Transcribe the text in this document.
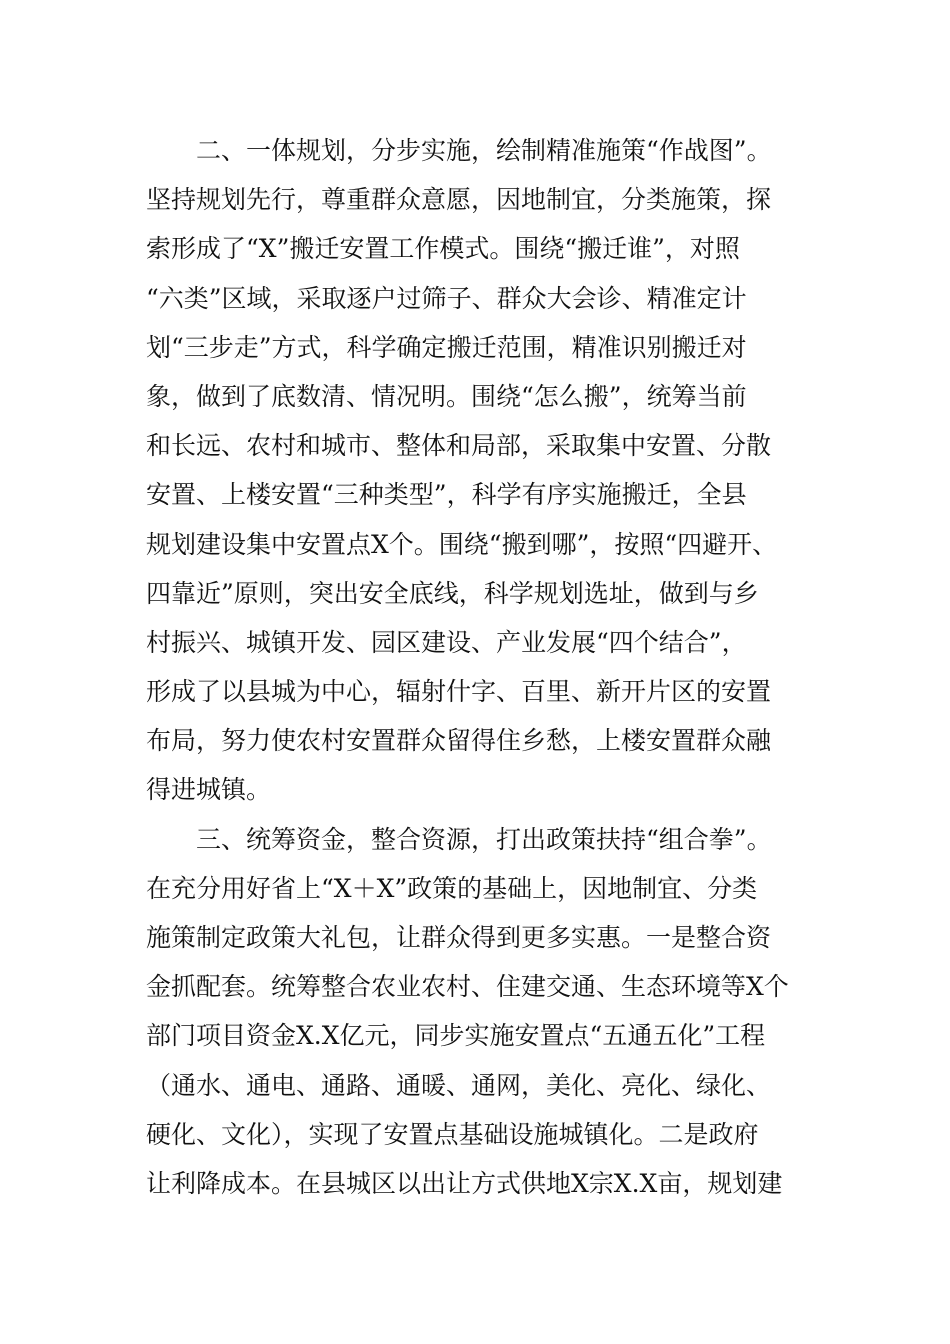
二、一体规划，分步实施，绘制精准施策“作战图”。
坚持规划先行，尊重群众意愿，因地制宜，分类施策，探
索形成了“X”搬迁安置工作模式。围绕“搬迁谁”，对照
“六类”区域，采取逐户过筛子、群众大会诊、精准定计
划“三步走”方式，科学确定搬迁范围，精准识别搬迁对
象，做到了底数清、情况明。围绕“怎么搬”，统筹当前
和长远、农村和城市、整体和局部，采取集中安置、分散
安置、上楼安置“三种类型”，科学有序实施搬迁，全县
规划建设集中安置点X个。围绕“搬到哪”，按照“四避开、
四靠近”原则，突出安全底线，科学规划选址，做到与乡
村振兴、城镇开发、园区建设、产业发展“四个结合”，
形成了以县城为中心，辐射什字、百里、新开片区的安置
布局，努力使农村安置群众留得住乡愁，上楼安置群众融
得进城镇。
三、统筹资金，整合资源，打出政策扶持“组合拳”。
在充分用好省上“X＋X”政策的基础上，因地制宜、分类
施策制定政策大礼包，让群众得到更多实惠。一是整合资
金抓配套。统筹整合农业农村、住建交通、生态环境等X个
部门项目资金X.X亿元，同步实施安置点“五通五化”工程
（通水、通电、通路、通暖、通网，美化、亮化、绿化、
硬化、文化），实现了安置点基础设施城镇化。二是政府
让利降成本。在县城区以出让方式供地X宗X.X亩，规划建
